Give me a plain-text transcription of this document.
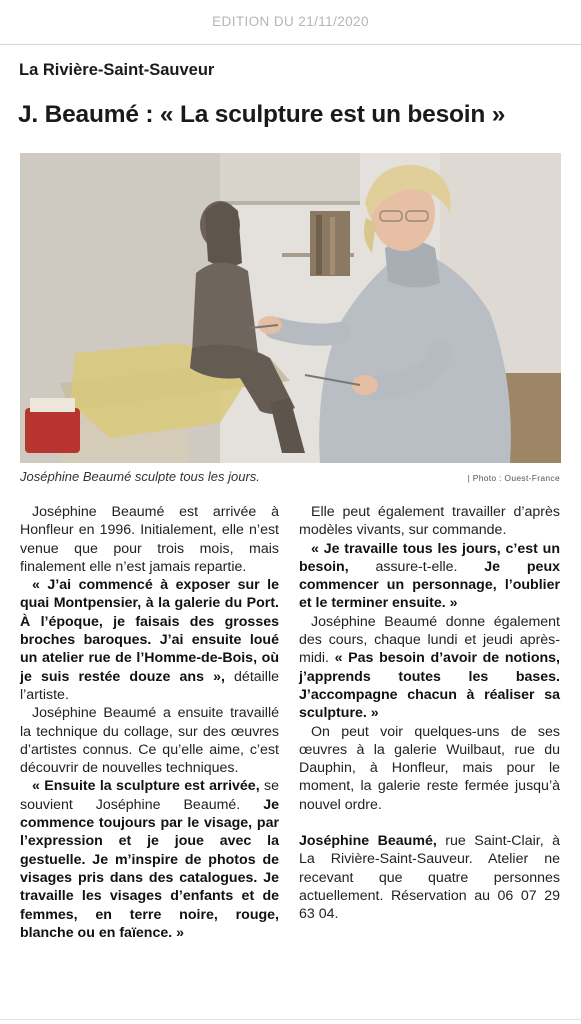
EDITION DU 21/11/2020
La Rivière-Saint-Sauveur
J. Beaumé : « La sculpture est un besoin »
Joséphine Beaumé sculpte tous les jours.	| Photo : Ouest-France

Joséphine Beaumé est arrivée à Honfleur en 1996. Initialement, elle n’est venue que pour trois mois, mais finalement elle n’est jamais repartie.

« J’ai commencé à exposer sur le quai Montpensier, à la galerie du Port. À l’époque, je faisais des grosses broches baroques. J’ai ensuite loué un atelier rue de l’Homme-de-Bois, où je suis restée douze ans », détaille l’artiste.

Joséphine Beaumé a ensuite travaillé la technique du collage, sur des œuvres d’artistes connus. Ce qu’elle aime, c’est découvrir de nouvelles techniques.

« Ensuite la sculpture est arrivée, se souvient Joséphine Beaumé. Je commence toujours par le visage, par l’expression et je joue avec la gestuelle. Je m’inspire de photos de visages pris dans des catalogues. Je travaille les visages d’enfants et de femmes, en terre noire, rouge, blanche ou en faïence. »

Elle peut également travailler d’après modèles vivants, sur commande.

« Je travaille tous les jours, c’est un besoin, assure-t-elle. Je peux commencer un personnage, l’oublier et le terminer ensuite. »

Joséphine Beaumé donne également des cours, chaque lundi et jeudi après-midi. « Pas besoin d’avoir de notions, j’apprends toutes les bases. J’accompagne chacun à réaliser sa sculpture. »

On peut voir quelques-uns de ses œuvres à la galerie Wuilbaut, rue du Dauphin, à Honfleur, mais pour le moment, la galerie reste fermée jusqu’à nouvel ordre.

Joséphine Beaumé, rue Saint-Clair, à La Rivière-Saint-Sauveur. Atelier ne recevant que quatre personnes actuellement. Réservation au 06 07 29 63 04.
